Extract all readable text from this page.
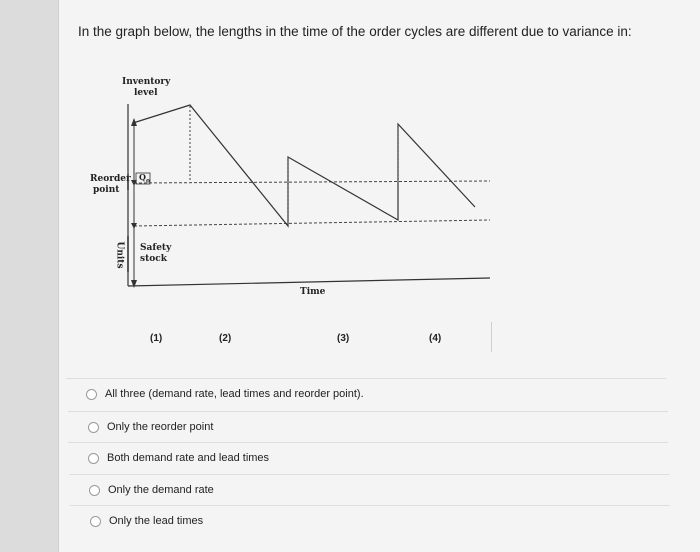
In the graph below, the lengths in the time of the order cycles are different due to variance in:
Inventory
level
Reorder
point
$Q_o$
Safety
stock
Units
Time
(1)	(2)	(3)	(4)
All three (demand rate, lead times and reorder point).
Only the reorder point
Both demand rate and lead times
Only the demand rate
Only the lead times
